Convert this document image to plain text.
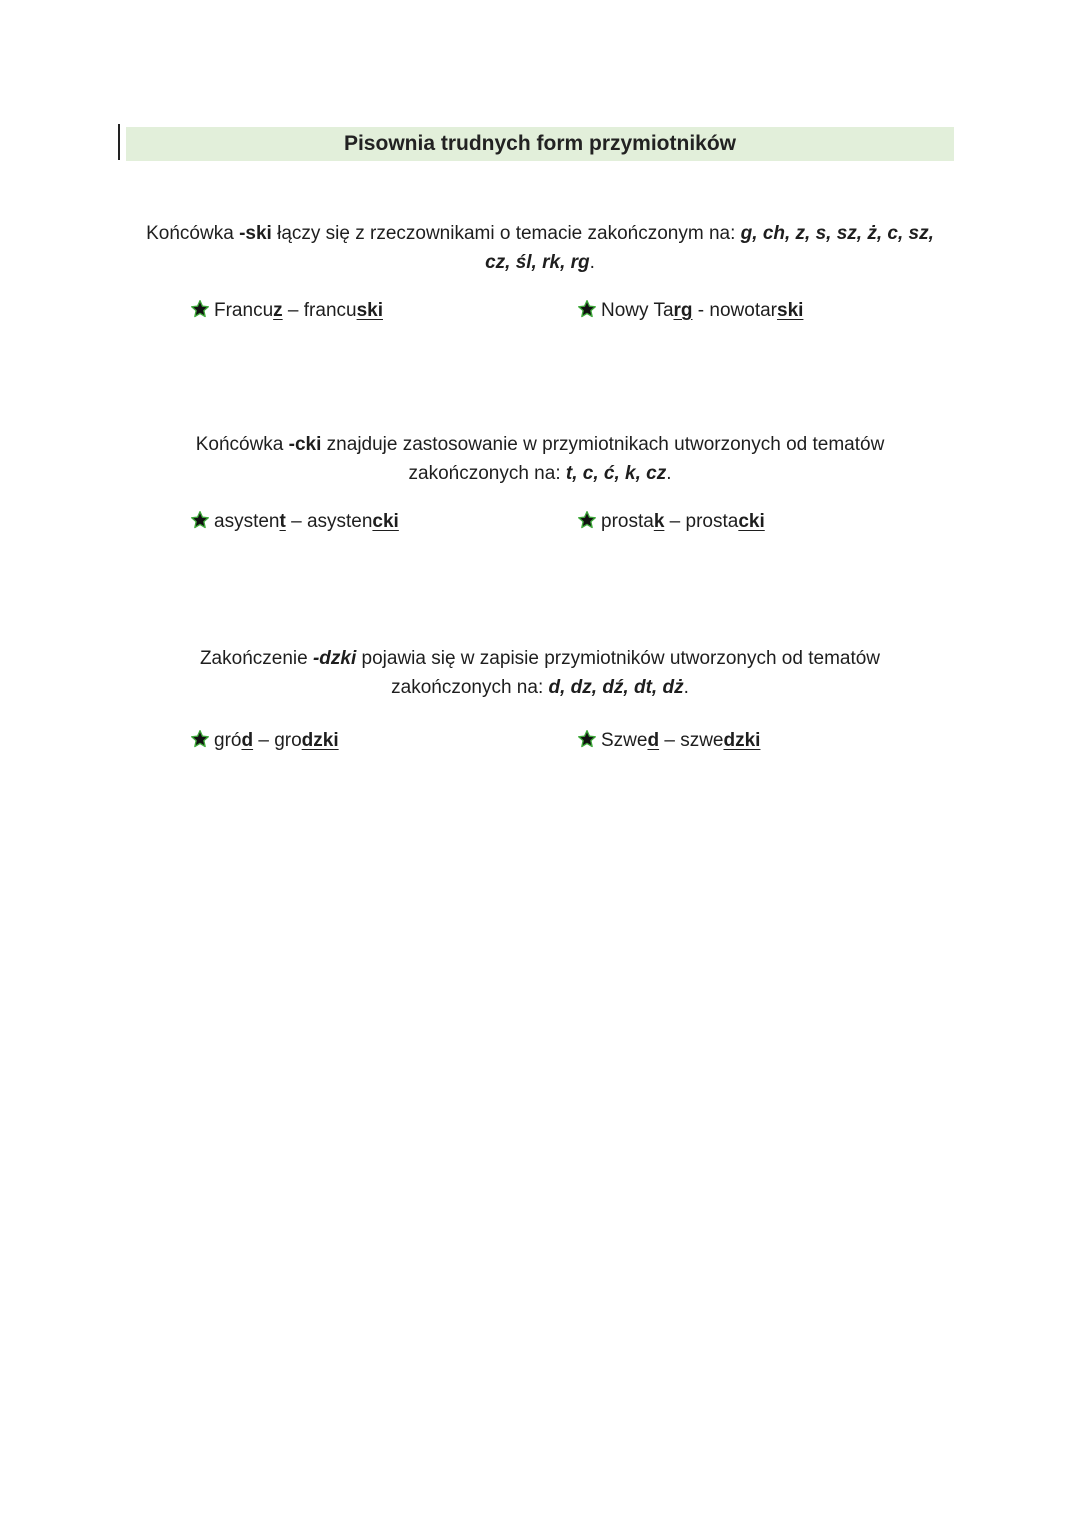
Pisownia trudnych form przymiotników
Końcówka -ski łączy się z rzeczownikami o temacie zakończonym na: g, ch, z, s, sz, ż, c, sz,
cz, śl, rk, rg.
Francuz – francuski	Nowy Targ - nowotarski
Końcówka -cki znajduje zastosowanie w przymiotnikach utworzonych od tematów
zakończonych na: t, c, ć, k, cz.
asystent – asystencki	prostak – prostacki
Zakończenie -dzki pojawia się w zapisie przymiotników utworzonych od tematów
zakończonych na: d, dz, dź, dt, dż.
gród – grodzki	Szwed – szwedzki
